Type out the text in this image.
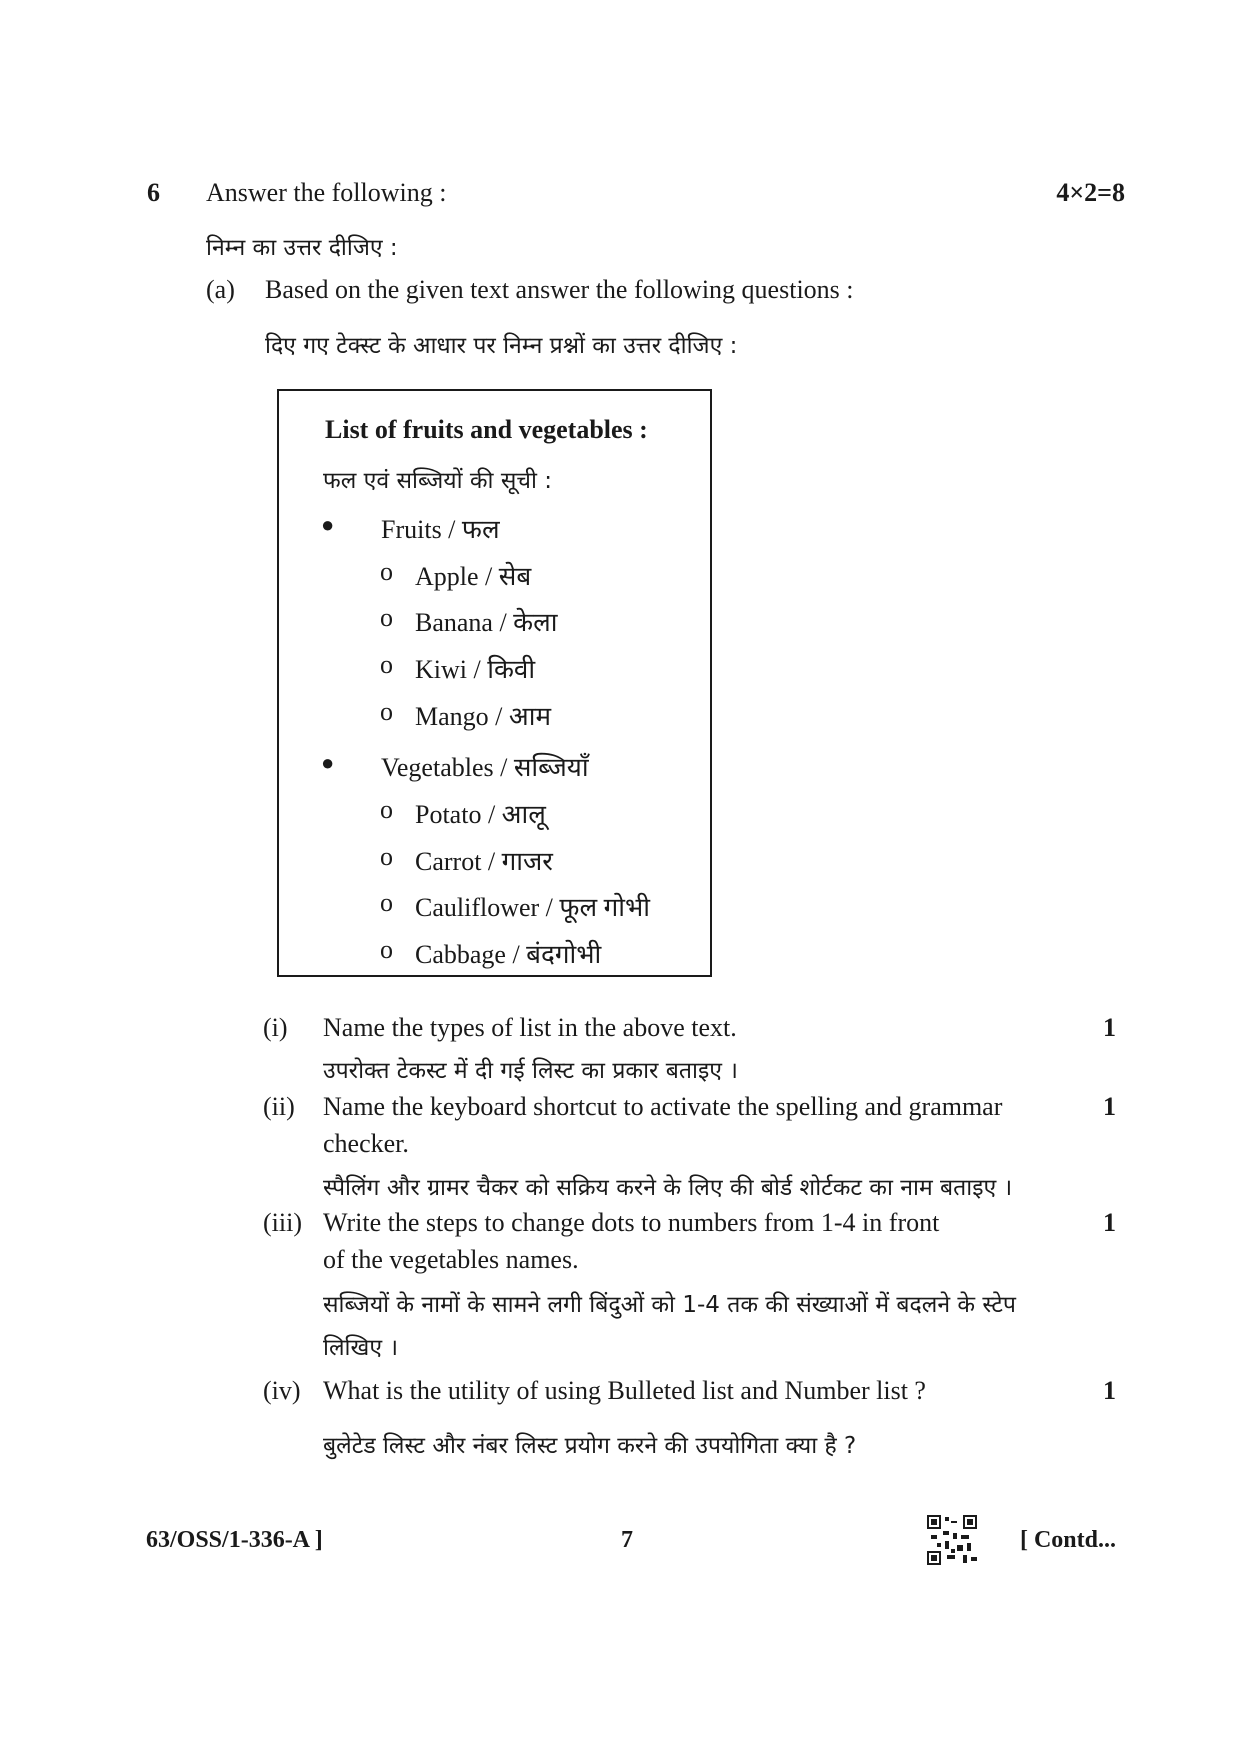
6 Answer the following :	4×2=8
निम्न का उत्तर दीजिए :
(a) Based on the given text answer the following questions :
दिए गए टेक्स्ट के आधार पर निम्न प्रश्नों का उत्तर दीजिए :
List of fruits and vegetables :
फल एवं सब्जियों की सूची :
● Fruits / फल
o Apple / सेब
o Banana / केला
o Kiwi / किवी
o Mango / आम
● Vegetables / सब्जियाँ
o Potato / आलू
o Carrot / गाजर
o Cauliflower / फूल गोभी
o Cabbage / बंदगोभी
(i) Name the types of list in the above text.	1
उपरोक्त टेकस्ट में दी गई लिस्ट का प्रकार बताइए ।
(ii) Name the keyboard shortcut to activate the spelling and grammar	1
checker.
स्पैलिंग और ग्रामर चैकर को सक्रिय करने के लिए की बोर्ड शोर्टकट का नाम बताइए ।
(iii) Write the steps to change dots to numbers from 1-4 in front	1
of the vegetables names.
सब्जियों के नामों के सामने लगी बिंदुओं को 1-4 तक की संख्याओं में बदलने के स्टेप
लिखिए ।
(iv) What is the utility of using Bulleted list and Number list ?	1
बुलेटेड लिस्ट और नंबर लिस्ट प्रयोग करने की उपयोगिता क्या है ?
63/OSS/1-336-A ]	7	[ Contd...
